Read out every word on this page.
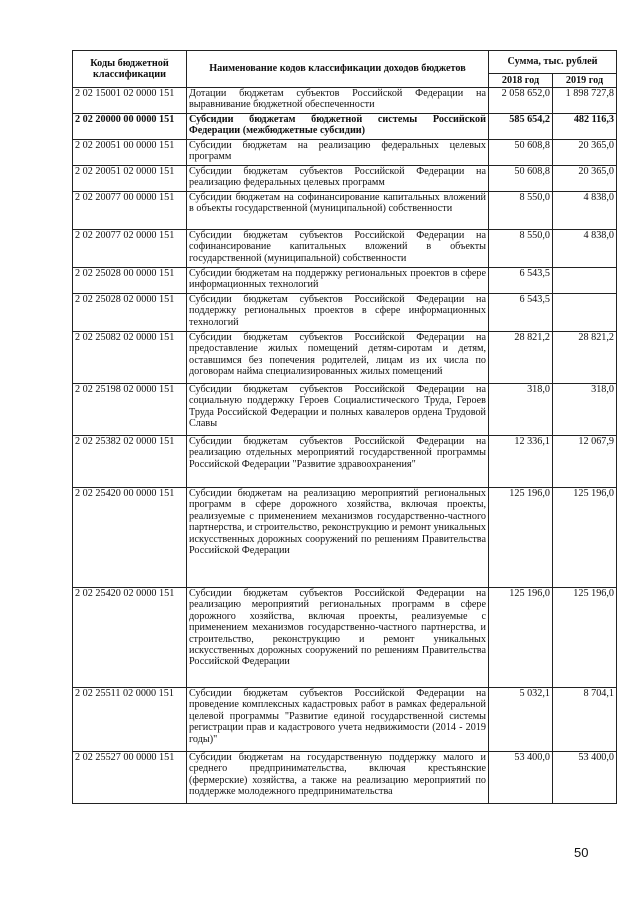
Коды бюджетной классификации	Наименование кодов классификации доходов бюджетов	Сумма, тыс. рублей	
		2018 год	2019 год
2 02 15001 02 0000 151	Дотации бюджетам субъектов Российской Федерации на выравнивание бюджетной обеспеченности	2 058 652,0	1 898 727,8
2 02 20000 00 0000 151	Субсидии бюджетам бюджетной системы Российской Федерации (межбюджетные субсидии)	585 654,2	482 116,3
2 02 20051 00 0000 151	Субсидии бюджетам на реализацию федеральных целевых программ	50 608,8	20 365,0
2 02 20051 02 0000 151	Субсидии бюджетам субъектов Российской Федерации на реализацию федеральных целевых программ	50 608,8	20 365,0
2 02 20077 00 0000 151	Субсидии бюджетам на софинансирование капитальных вложений в объекты государственной (муниципальной) собственности	8 550,0	4 838,0
2 02 20077 02 0000 151	Субсидии бюджетам субъектов Российской Федерации на софинансирование капитальных вложений в объекты государственной (муниципальной) собственности	8 550,0	4 838,0
2 02 25028 00 0000 151	Субсидии бюджетам на поддержку региональных проектов в сфере информационных технологий	6 543,5	
2 02 25028 02 0000 151	Субсидии бюджетам субъектов Российской Федерации на поддержку региональных проектов в сфере информационных технологий	6 543,5	
2 02 25082 02 0000 151	Субсидии бюджетам субъектов Российской Федерации на предоставление жилых помещений детям-сиротам и детям, оставшимся без попечения родителей, лицам из их числа по договорам найма специализированных жилых помещений	28 821,2	28 821,2
2 02 25198 02 0000 151	Субсидии бюджетам субъектов Российской Федерации на социальную поддержку Героев Социалистического Труда, Героев Труда Российской Федерации и полных кавалеров ордена Трудовой Славы	318,0	318,0
2 02 25382 02 0000 151	Субсидии бюджетам субъектов Российской Федерации на реализацию отдельных мероприятий государственной программы Российской Федерации "Развитие здравоохранения"	12 336,1	12 067,9
2 02 25420 00 0000 151	Субсидии бюджетам на реализацию мероприятий региональных программ в сфере дорожного хозяйства, включая проекты, реализуемые с применением механизмов государственно-частного партнерства, и строительство, реконструкцию и ремонт уникальных искусственных дорожных сооружений по решениям Правительства Российской Федерации	125 196,0	125 196,0
2 02 25420 02 0000 151	Субсидии бюджетам субъектов Российской Федерации на реализацию мероприятий региональных программ в сфере дорожного хозяйства, включая проекты, реализуемые с применением механизмов государственно-частного партнерства, и строительство, реконструкцию и ремонт уникальных искусственных дорожных сооружений по решениям Правительства Российской Федерации	125 196,0	125 196,0
2 02 25511 02 0000 151	Субсидии бюджетам субъектов Российской Федерации на проведение комплексных кадастровых работ в рамках федеральной целевой программы "Развитие единой государственной системы регистрации прав и кадастрового учета недвижимости (2014 - 2019 годы)"	5 032,1	8 704,1
2 02 25527 00 0000 151	Субсидии бюджетам на государственную поддержку малого и среднего предпринимательства, включая крестьянские (фермерские) хозяйства, а также на реализацию мероприятий по поддержке молодежного предпринимательства	53 400,0	53 400,0
50
